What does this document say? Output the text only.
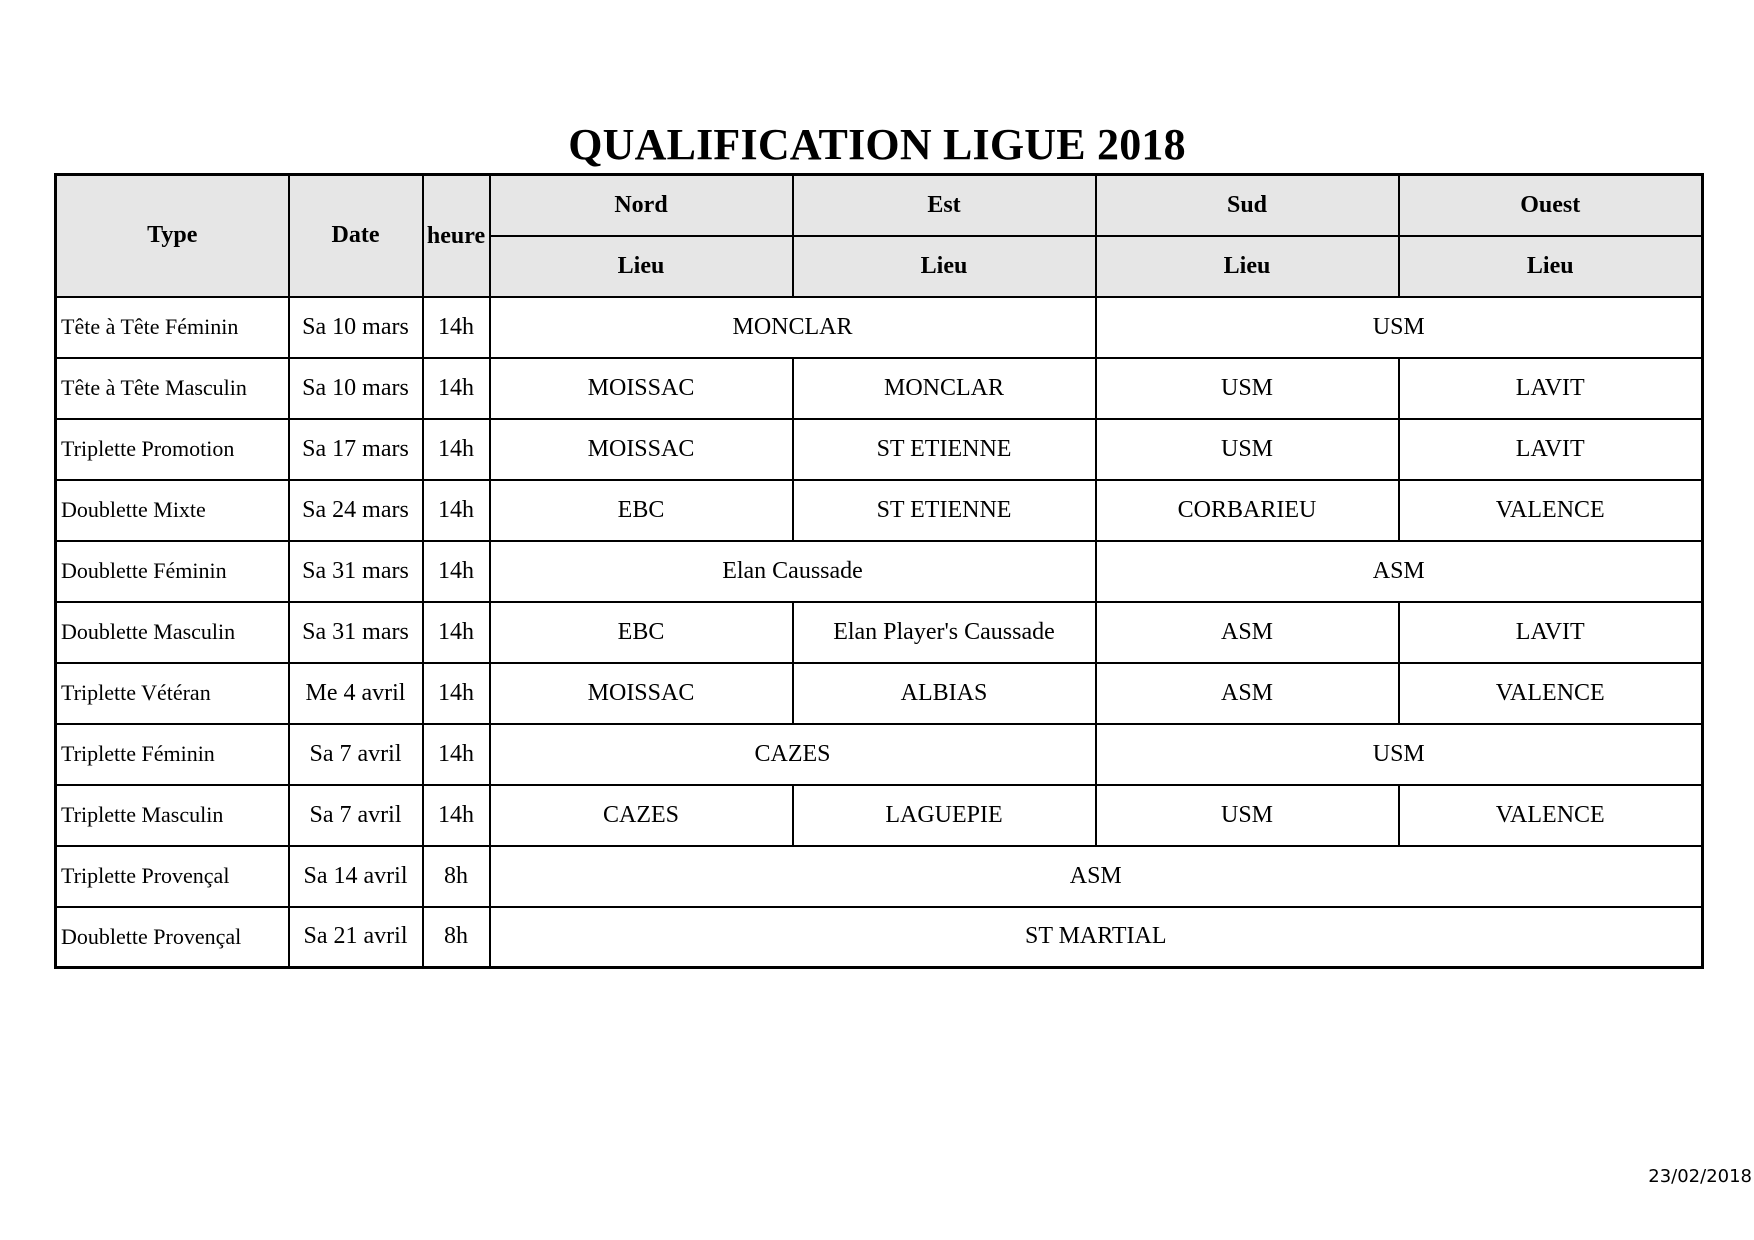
QUALIFICATION LIGUE 2018
Type	Date	heure	Nord	Est	Sud	Ouest
			Lieu	Lieu	Lieu	Lieu
Tête à Tête Féminin	Sa 10 mars	14h	MONCLAR		USM	
Tête à Tête Masculin	Sa 10 mars	14h	MOISSAC	MONCLAR	USM	LAVIT
Triplette Promotion	Sa 17 mars	14h	MOISSAC	ST ETIENNE	USM	LAVIT
Doublette Mixte	Sa 24 mars	14h	EBC	ST ETIENNE	CORBARIEU	VALENCE
Doublette Féminin	Sa 31 mars	14h	Elan Caussade		ASM	
Doublette Masculin	Sa 31 mars	14h	EBC	Elan Player's Caussade	ASM	LAVIT
Triplette Vétéran	Me 4 avril	14h	MOISSAC	ALBIAS	ASM	VALENCE
Triplette Féminin	Sa 7 avril	14h	CAZES		USM	
Triplette Masculin	Sa 7 avril	14h	CAZES	LAGUEPIE	USM	VALENCE
Triplette Provençal	Sa 14 avril	8h	ASM			
Doublette Provençal	Sa 21 avril	8h	ST MARTIAL			
23/02/2018
